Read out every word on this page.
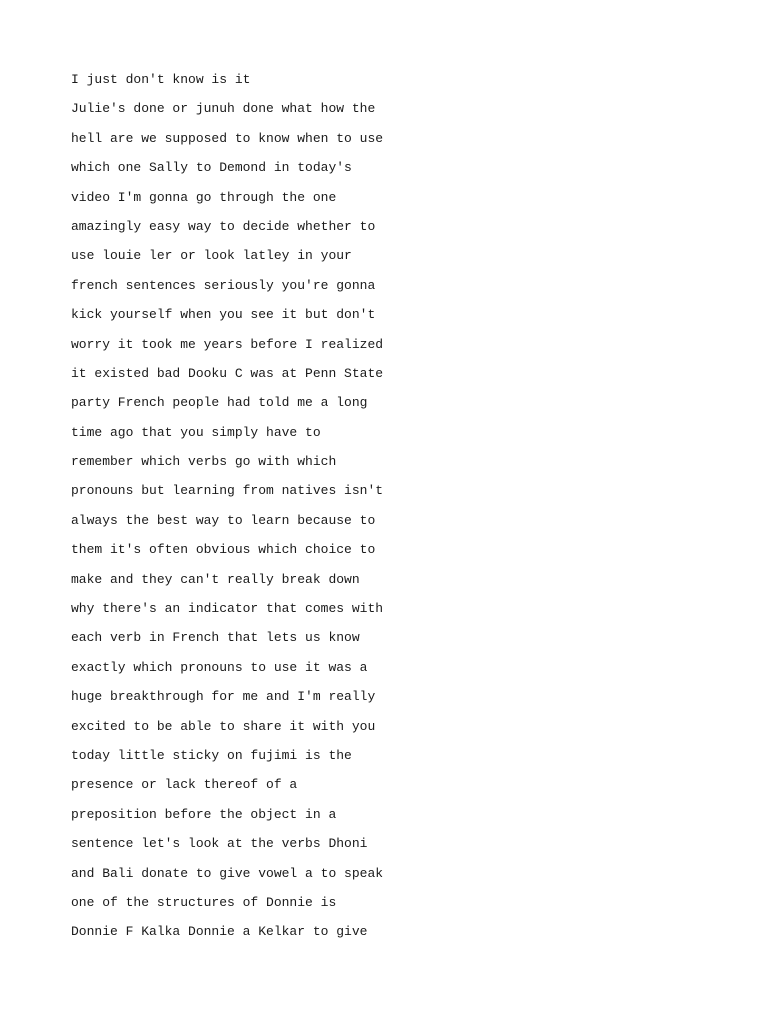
I just don't know is it

Julie's done or junuh done what how the

hell are we supposed to know when to use

which one Sally to Demond in today's

video I'm gonna go through the one

amazingly easy way to decide whether to

use louie ler or look latley in your

french sentences seriously you're gonna

kick yourself when you see it but don't

worry it took me years before I realized

it existed bad Dooku C was at Penn State

party French people had told me a long

time ago that you simply have to

remember which verbs go with which

pronouns but learning from natives isn't

always the best way to learn because to

them it's often obvious which choice to

make and they can't really break down

why there's an indicator that comes with

each verb in French that lets us know

exactly which pronouns to use it was a

huge breakthrough for me and I'm really

excited to be able to share it with you

today little sticky on fujimi is the

presence or lack thereof of a

preposition before the object in a

sentence let's look at the verbs Dhoni

and Bali donate to give vowel a to speak

one of the structures of Donnie is

Donnie F Kalka Donnie a Kelkar to give
